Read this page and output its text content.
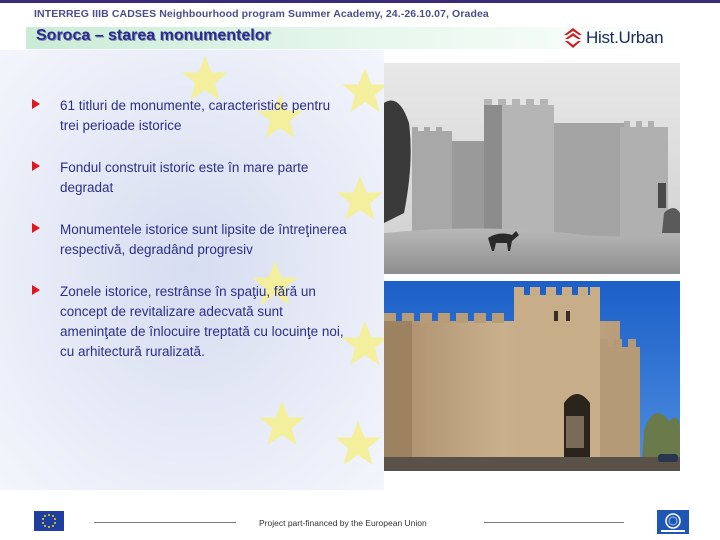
INTERREG IIIB CADSES Neighbourhood program Summer Academy, 24.-26.10.07, Oradea
Soroca – starea monumentelor	Hist.Urban
61 titluri de monumente, caracteristice pentru trei perioade istorice
Fondul construit istoric este în mare parte degradat
Monumentele istorice sunt lipsite de întreţinerea respectivă, degradând progresiv
Zonele istorice, restrânse în spaţiu, fără un concept de revitalizare adecvată sunt ameninţate de înlocuire treptată cu locuinţe noi, cu arhitectură ruralizată.
Project part-financed by the European Union
